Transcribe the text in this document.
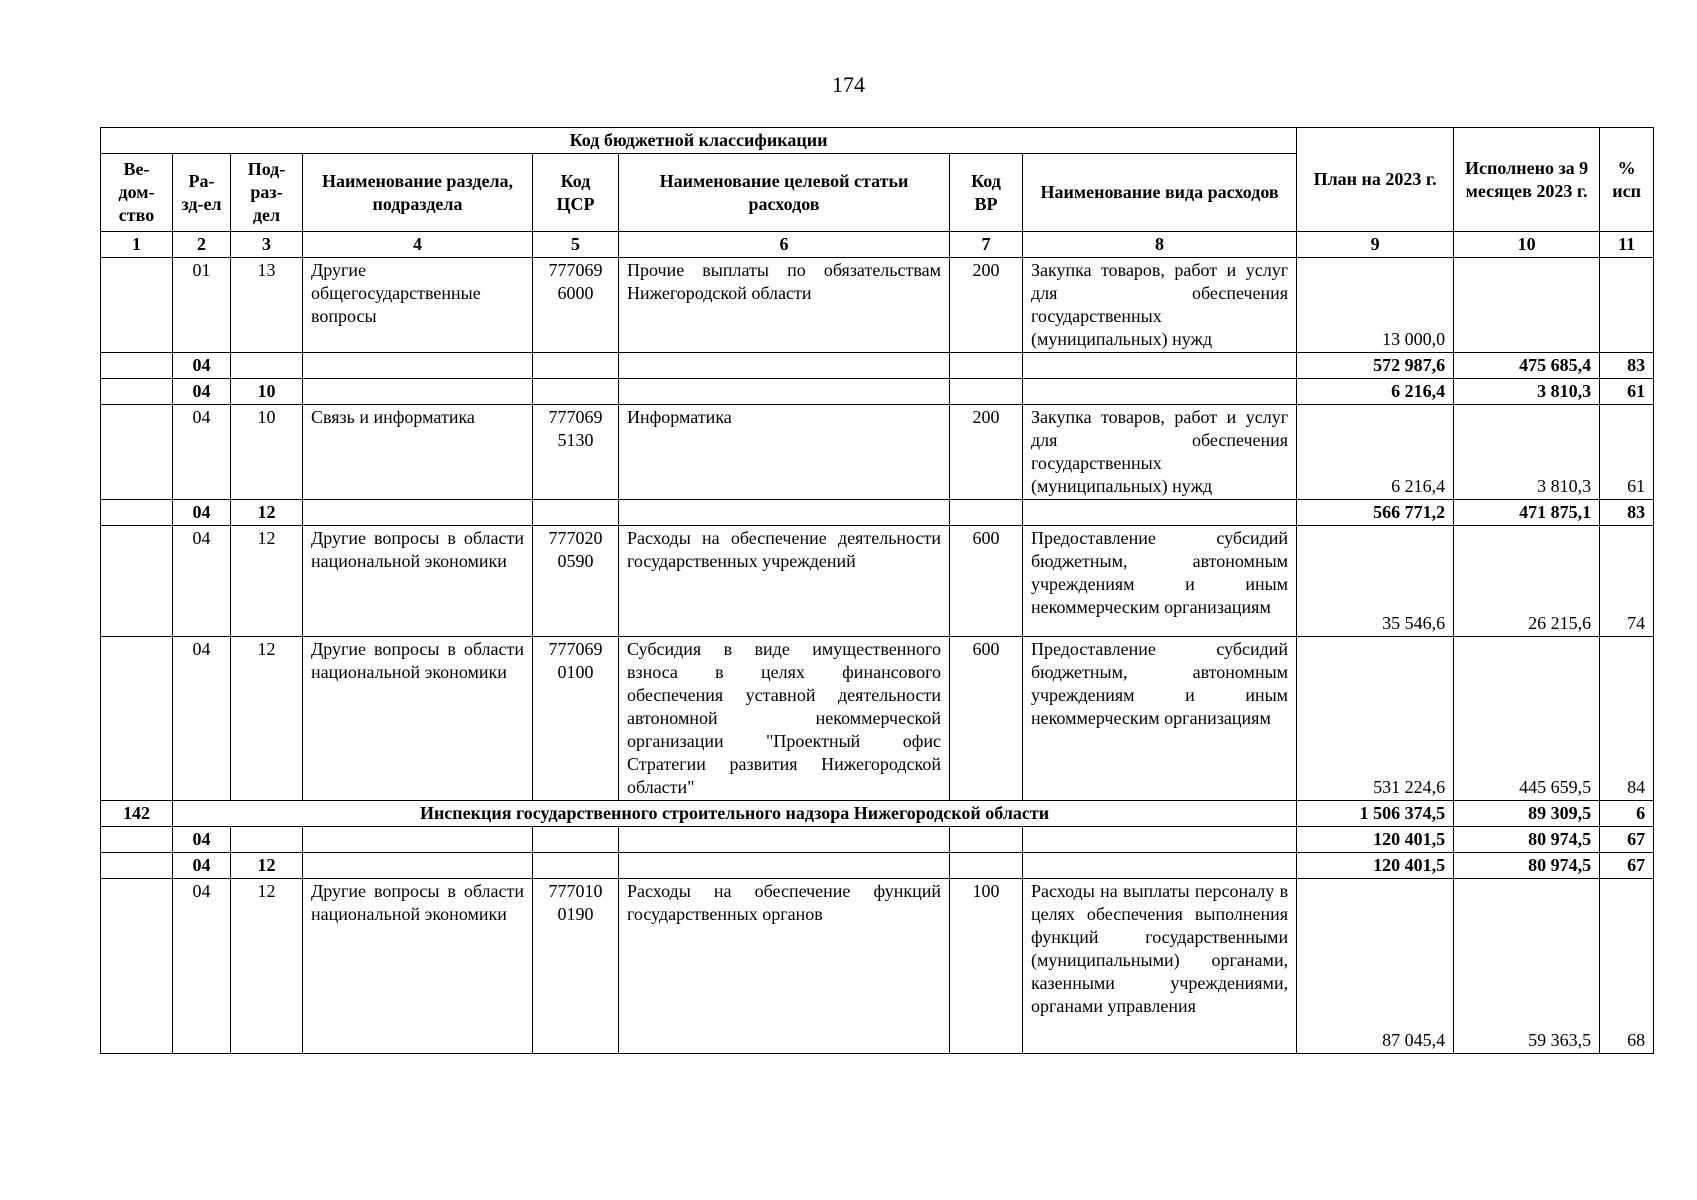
174
Код бюджетной классификации								План на 2023 г.	Исполнено за 9 месяцев 2023 г.	% исп
Ве-дом-ство	Ра-зд-ел	Под-раз-дел	Наименование раздела, подраздела	Код ЦСР	Наименование целевой статьи расходов	Код ВР	Наименование вида расходов			
1	2	3	4	5	6	7	8	9	10	11
	01	13	Другие общегосударственные вопросы	777069 6000	Прочие выплаты по обязательствам Нижегородской области	200	Закупка товаров, работ и услуг для обеспечения государственных (муниципальных) нужд	13 000,0		
	04							572 987,6	475 685,4	83
	04	10						6 216,4	3 810,3	61
	04	10	Связь и информатика	777069 5130	Информатика	200	Закупка товаров, работ и услуг для обеспечения государственных (муниципальных) нужд	6 216,4	3 810,3	61
	04	12						566 771,2	471 875,1	83
	04	12	Другие вопросы в области национальной экономики	777020 0590	Расходы на обеспечение деятельности государственных учреждений	600	Предоставление субсидий бюджетным, автономным учреждениям и иным некоммерческим организациям	35 546,6	26 215,6	74
	04	12	Другие вопросы в области национальной экономики	777069 0100	Субсидия в виде имущественного взноса в целях финансового обеспечения уставной деятельности автономной некоммерческой организации "Проектный офис Стратегии развития Нижегородской области"	600	Предоставление субсидий бюджетным, автономным учреждениям и иным некоммерческим организациям	531 224,6	445 659,5	84
142	Инспекция государственного строительного надзора Нижегородской области							1 506 374,5	89 309,5	6
	04							120 401,5	80 974,5	67
	04	12						120 401,5	80 974,5	67
	04	12	Другие вопросы в области национальной экономики	777010 0190	Расходы на обеспечение функций государственных органов	100	Расходы на выплаты персоналу в целях обеспечения выполнения функций государственными (муниципальными) органами, казенными учреждениями, органами управления	87 045,4	59 363,5	68
